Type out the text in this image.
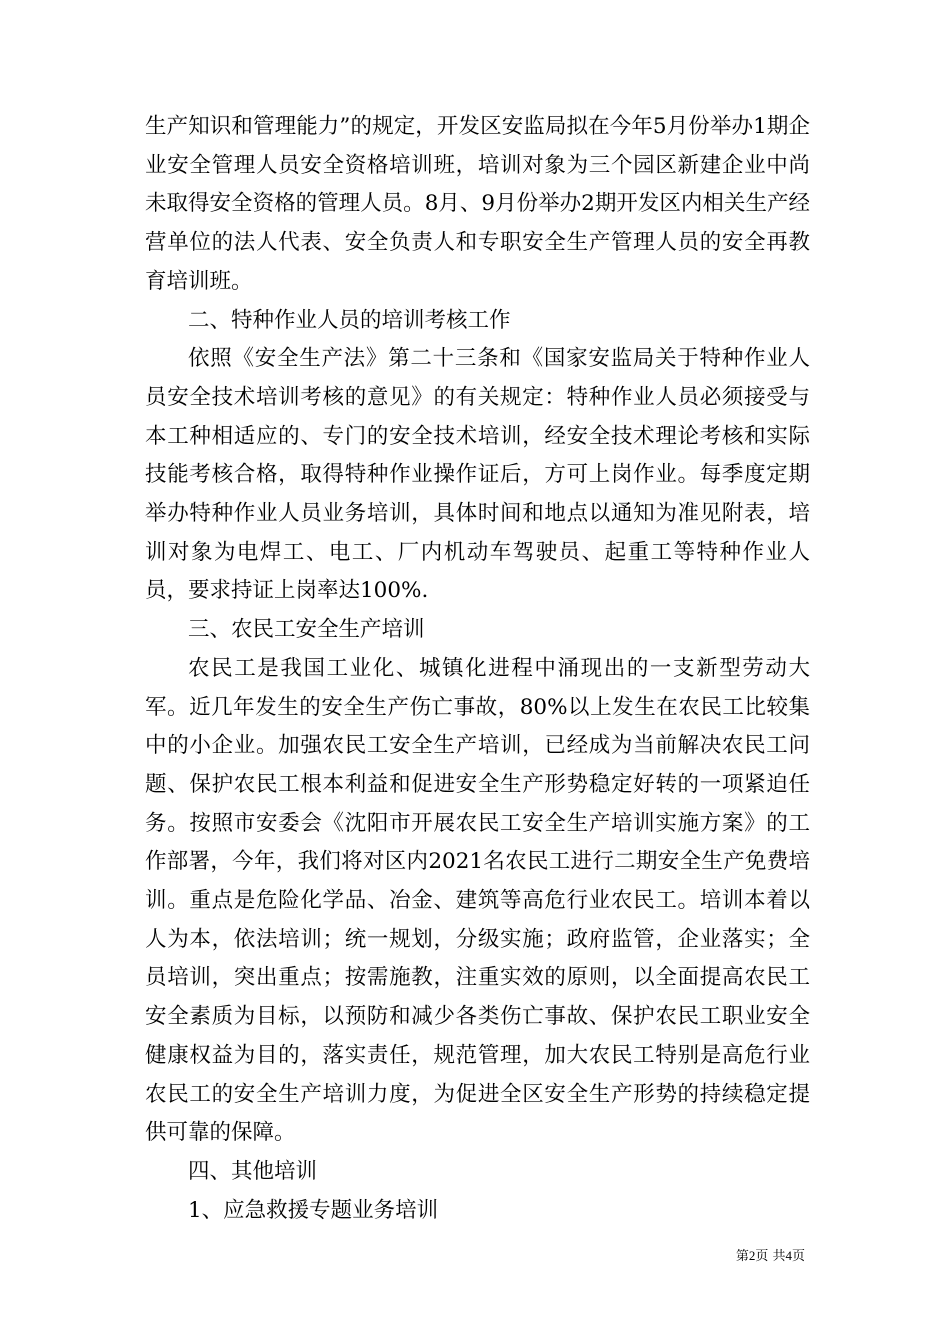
生产知识和管理能力”的规定，开发区安监局拟在今年5月份举办1期企业安全管理人员安全资格培训班，培训对象为三个园区新建企业中尚未取得安全资格的管理人员。8月、9月份举办2期开发区内相关生产经营单位的法人代表、安全负责人和专职安全生产管理人员的安全再教育培训班。

二、特种作业人员的培训考核工作

依照《安全生产法》第二十三条和《国家安监局关于特种作业人员安全技术培训考核的意见》的有关规定：特种作业人员必须接受与本工种相适应的、专门的安全技术培训，经安全技术理论考核和实际技能考核合格，取得特种作业操作证后，方可上岗作业。每季度定期举办特种作业人员业务培训，具体时间和地点以通知为准见附表，培训对象为电焊工、电工、厂内机动车驾驶员、起重工等特种作业人员，要求持证上岗率达100%.

三、农民工安全生产培训

农民工是我国工业化、城镇化进程中涌现出的一支新型劳动大军。近几年发生的安全生产伤亡事故，80%以上发生在农民工比较集中的小企业。加强农民工安全生产培训，已经成为当前解决农民工问题、保护农民工根本利益和促进安全生产形势稳定好转的一项紧迫任务。按照市安委会《沈阳市开展农民工安全生产培训实施方案》的工作部署，今年，我们将对区内2021名农民工进行二期安全生产免费培训。重点是危险化学品、冶金、建筑等高危行业农民工。培训本着以人为本，依法培训；统一规划，分级实施；政府监管，企业落实；全员培训，突出重点；按需施教，注重实效的原则，以全面提高农民工安全素质为目标，以预防和减少各类伤亡事故、保护农民工职业安全健康权益为目的，落实责任，规范管理，加大农民工特别是高危行业农民工的安全生产培训力度，为促进全区安全生产形势的持续稳定提供可靠的保障。

四、其他培训

1、应急救援专题业务培训

第2页 共4页
